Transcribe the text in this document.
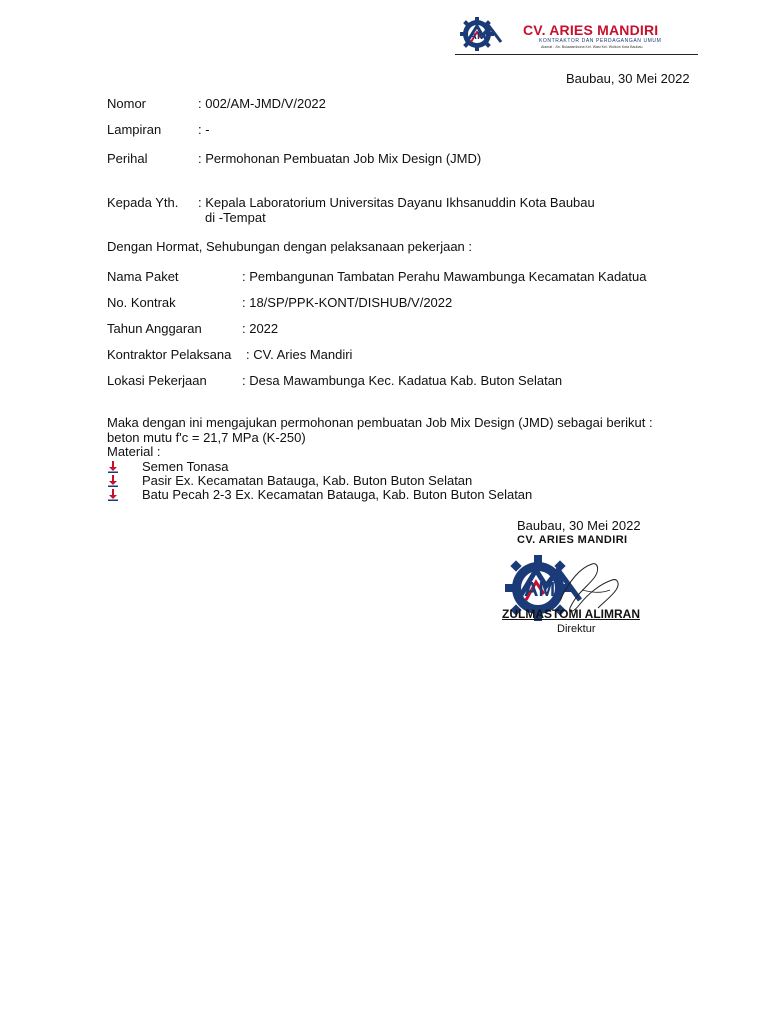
AM	CV. ARIES MANDIRI
KONTRAKTOR DAN PERDAGANGAN UMUM
Alamat : Jln. Bulawambona Kel. Wasi Kel. Wolkon Kota Baubau
Baubau, 30 Mei 2022
Nomor	: 002/AM-JMD/V/2022
Lampiran	: -
Perihal	: Permohonan Pembuatan Job Mix Design (JMD)
Kepada Yth. : Kepala Laboratorium Universitas Dayanu Ikhsanuddin Kota Baubau
di -Tempat
Dengan Hormat, Sehubungan dengan pelaksanaan pekerjaan :
Nama Paket	: Pembangunan Tambatan Perahu Mawambunga Kecamatan Kadatua
No. Kontrak	: 18/SP/PPK-KONT/DISHUB/V/2022
Tahun Anggaran	: 2022
Kontraktor Pelaksana : CV. Aries Mandiri
Lokasi Pekerjaan	: Desa Mawambunga Kec. Kadatua Kab. Buton Selatan
Maka dengan ini mengajukan permohonan pembuatan Job Mix Design (JMD) sebagai berikut :
beton mutu f'c = 21,7 MPa (K-250)
Material :
Semen Tonasa
Pasir Ex. Kecamatan Batauga, Kab. Buton Buton Selatan
Batu Pecah 2-3 Ex. Kecamatan Batauga, Kab. Buton Buton Selatan
Baubau, 30 Mei 2022
CV. ARIES MANDIRI
AM
ZULMASTOMI ALIMRAN
Direktur
